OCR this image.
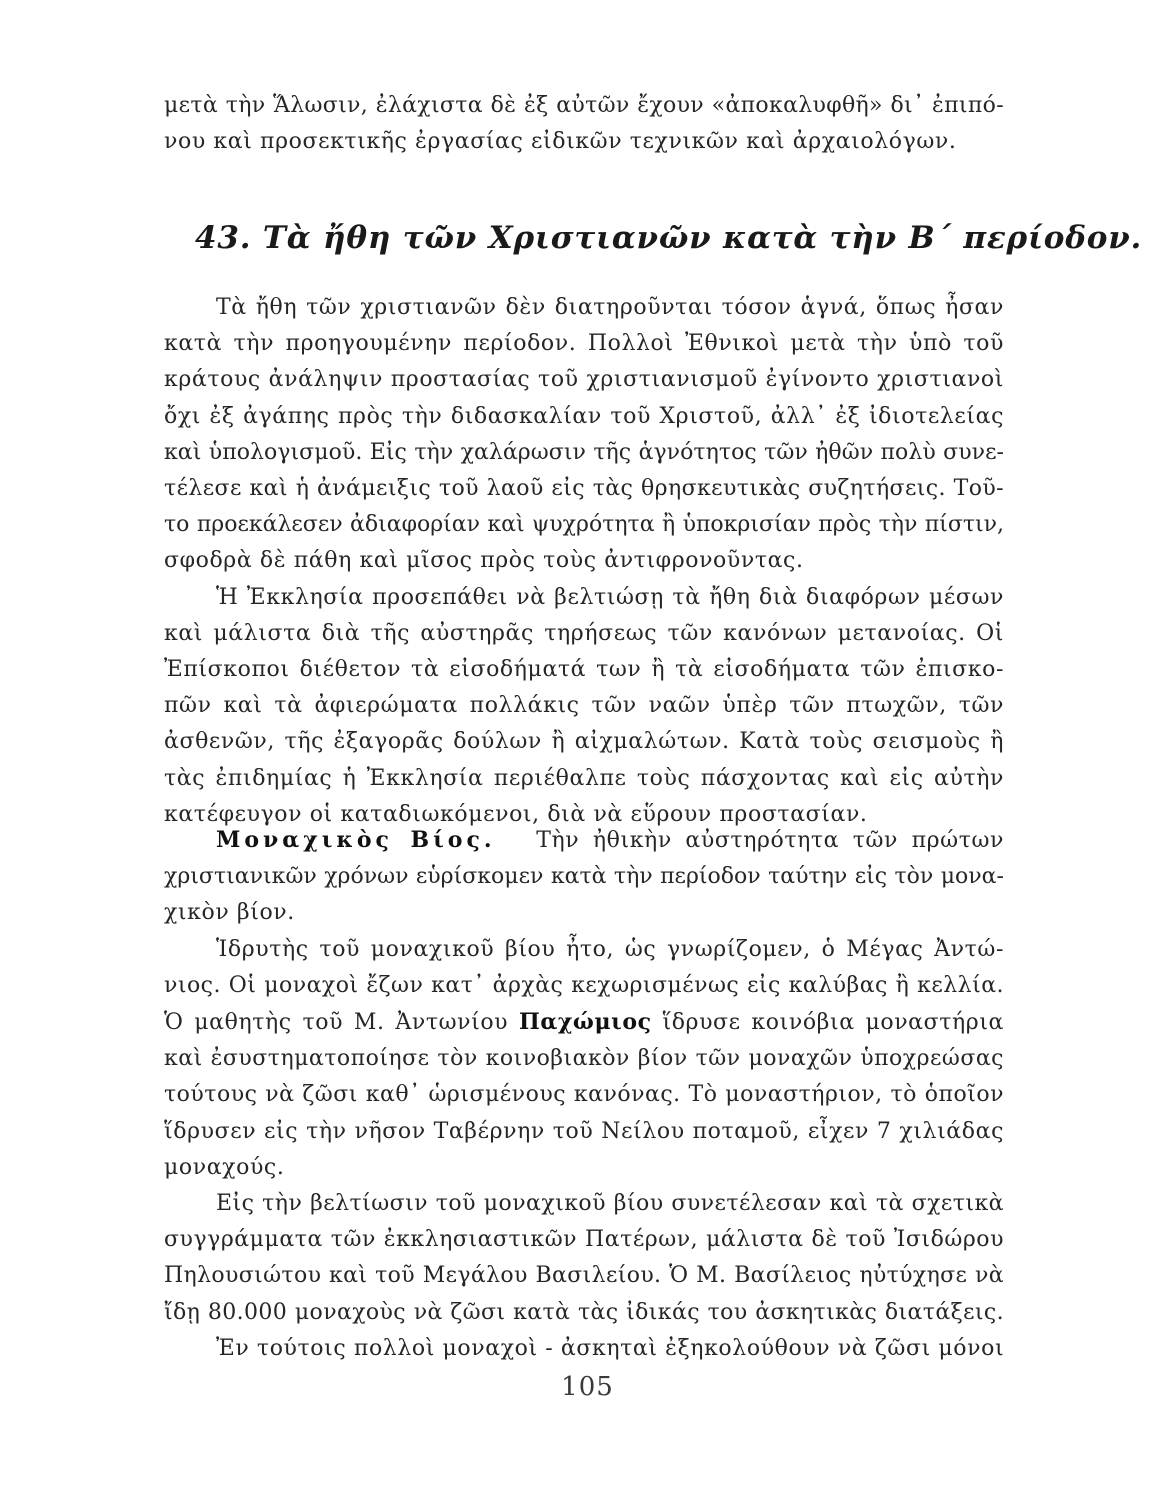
μετὰ τὴν Ἅλωσιν, ἐλάχιστα δὲ ἐξ αὐτῶν ἔχουν «ἀποκαλυφθῆ» δι᾽ ἐπιπό-
νου καὶ προσεκτικῆς ἐργασίας εἰδικῶν τεχνικῶν καὶ ἀρχαιολόγων.
43. Τὰ ἤθη τῶν Χριστιανῶν κατὰ τὴν Β΄ περίοδον.
Τὰ ἤθη τῶν χριστιανῶν δὲν διατηροῦνται τόσον ἁγνά, ὅπως ἦσαν
κατὰ τὴν προηγουμένην περίοδον. Πολλοὶ Ἐθνικοὶ μετὰ τὴν ὑπὸ τοῦ
κράτους ἀνάληψιν προστασίας τοῦ χριστιανισμοῦ ἐγίνοντο χριστιανοὶ
ὄχι ἐξ ἀγάπης πρὸς τὴν διδασκαλίαν τοῦ Χριστοῦ, ἀλλ᾽ ἐξ ἰδιοτελείας
καὶ ὑπολογισμοῦ. Εἰς τὴν χαλάρωσιν τῆς ἁγνότητος τῶν ἠθῶν πολὺ συνε-
τέλεσε καὶ ἡ ἀνάμειξις τοῦ λαοῦ εἰς τὰς θρησκευτικὰς συζητήσεις. Τοῦ-
το προεκάλεσεν ἀδιαφορίαν καὶ ψυχρότητα ἢ ὑποκρισίαν πρὸς τὴν πίστιν,
σφοδρὰ δὲ πάθη καὶ μῖσος πρὸς τοὺς ἀντιφρονοῦντας.
Ἡ Ἐκκλησία προσεπάθει νὰ βελτιώσῃ τὰ ἤθη διὰ διαφόρων μέσων
καὶ μάλιστα διὰ τῆς αὐστηρᾶς τηρήσεως τῶν κανόνων μετανοίας. Οἱ
Ἐπίσκοποι διέθετον τὰ εἰσοδήματά των ἢ τὰ εἰσοδήματα τῶν ἐπισκο-
πῶν καὶ τὰ ἀφιερώματα πολλάκις τῶν ναῶν ὑπὲρ τῶν πτωχῶν, τῶν
ἀσθενῶν, τῆς ἐξαγορᾶς δούλων ἢ αἰχμαλώτων. Κατὰ τοὺς σεισμοὺς ἢ
τὰς ἐπιδημίας ἡ Ἐκκλησία περιέθαλπε τοὺς πάσχοντας καὶ εἰς αὐτὴν
κατέφευγον οἱ καταδιωκόμενοι, διὰ νὰ εὕρουν προστασίαν.
Μοναχικὸς Βίος. Τὴν ἠθικὴν αὐστηρότητα τῶν πρώτων
χριστιανικῶν χρόνων εὑρίσκομεν κατὰ τὴν περίοδον ταύτην εἰς τὸν μονα-
χικὸν βίον.
Ἱδρυτὴς τοῦ μοναχικοῦ βίου ἦτο, ὡς γνωρίζομεν, ὁ Μέγας Ἀντώ-
νιος. Οἱ μοναχοὶ ἔζων κατ᾽ ἀρχὰς κεχωρισμένως εἰς καλύβας ἢ κελλία.
Ὁ μαθητὴς τοῦ Μ. Ἀντωνίου Παχώμιος ἵδρυσε κοινόβια μοναστήρια
καὶ ἐσυστηματοποίησε τὸν κοινοβιακὸν βίον τῶν μοναχῶν ὑποχρεώσας
τούτους νὰ ζῶσι καθ᾽ ὡρισμένους κανόνας. Τὸ μοναστήριον, τὸ ὁποῖον
ἵδρυσεν εἰς τὴν νῆσον Ταβέρνην τοῦ Νείλου ποταμοῦ, εἶχεν 7 χιλιάδας
μοναχούς.
Εἰς τὴν βελτίωσιν τοῦ μοναχικοῦ βίου συνετέλεσαν καὶ τὰ σχετικὰ
συγγράμματα τῶν ἐκκλησιαστικῶν Πατέρων, μάλιστα δὲ τοῦ Ἰσιδώρου
Πηλουσιώτου καὶ τοῦ Μεγάλου Βασιλείου. Ὁ Μ. Βασίλειος ηὐτύχησε νὰ
ἴδῃ 80.000 μοναχοὺς νὰ ζῶσι κατὰ τὰς ἰδικάς του ἀσκητικὰς διατάξεις.
Ἐν τούτοις πολλοὶ μοναχοὶ - ἀσκηταὶ ἐξηκολούθουν νὰ ζῶσι μόνοι
105
